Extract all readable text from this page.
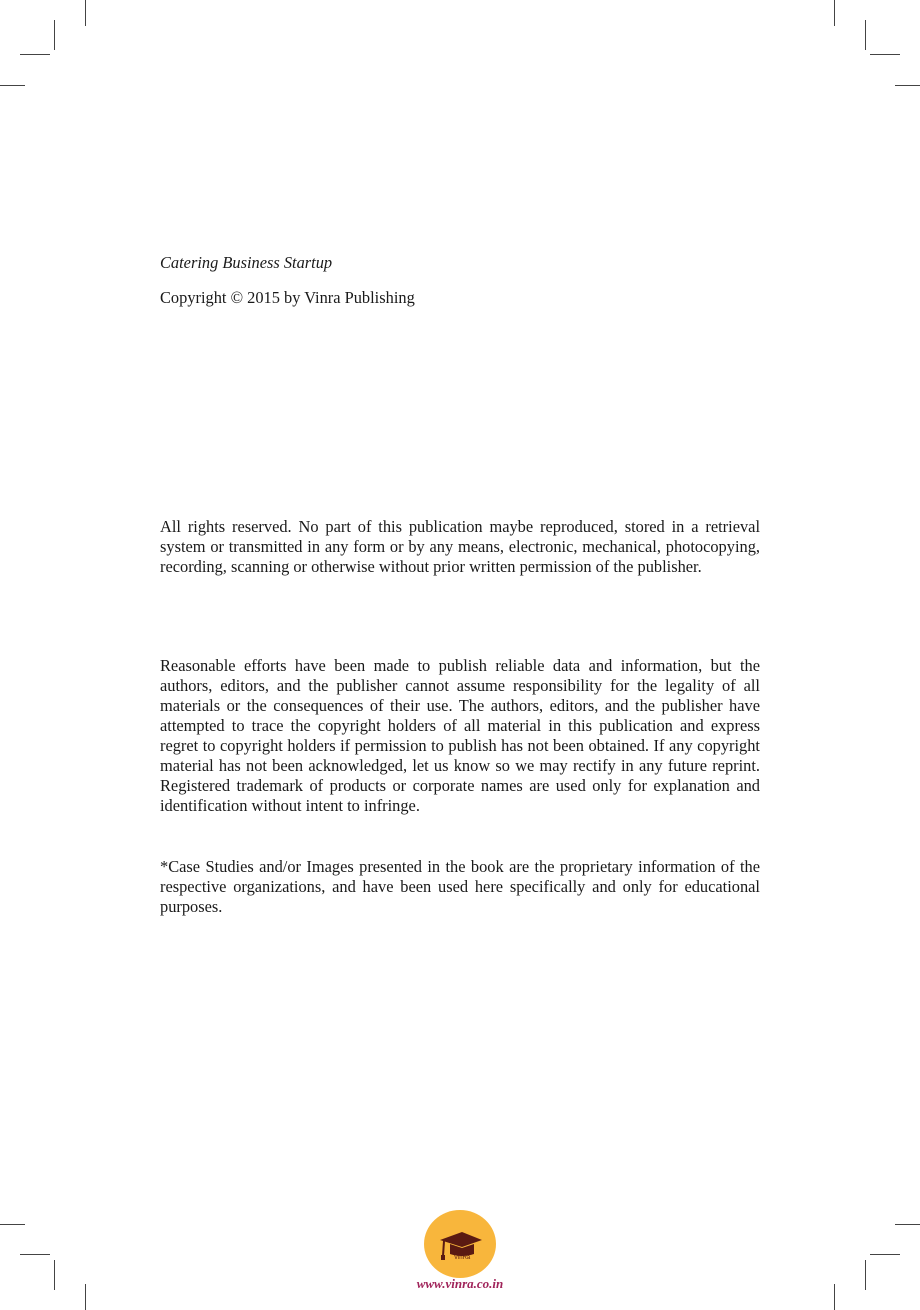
Catering Business Startup
Copyright © 2015 by Vinra Publishing
All rights reserved. No part of this publication maybe reproduced, stored in a retrieval system or transmitted in any form or by any means, electronic, mechanical, photocopying, recording, scanning or otherwise without prior written permission of the publisher.
Reasonable efforts have been made to publish reliable data and information, but the authors, editors, and the publisher cannot assume responsibility for the legality of all materials or the consequences of their use. The authors, editors, and the publisher have attempted to trace the copyright holders of all material in this publication and express regret to copyright holders if permission to publish has not been obtained. If any copyright material has not been acknowledged, let us know so we may rectify in any future reprint. Registered trademark of products or corporate names are used only for explanation and identification without intent to infringe.
*Case Studies and/or Images presented in the book are the proprietary information of the respective organizations, and have been used here specifically and only for educational purposes.
VinRa
www.vinra.co.in
